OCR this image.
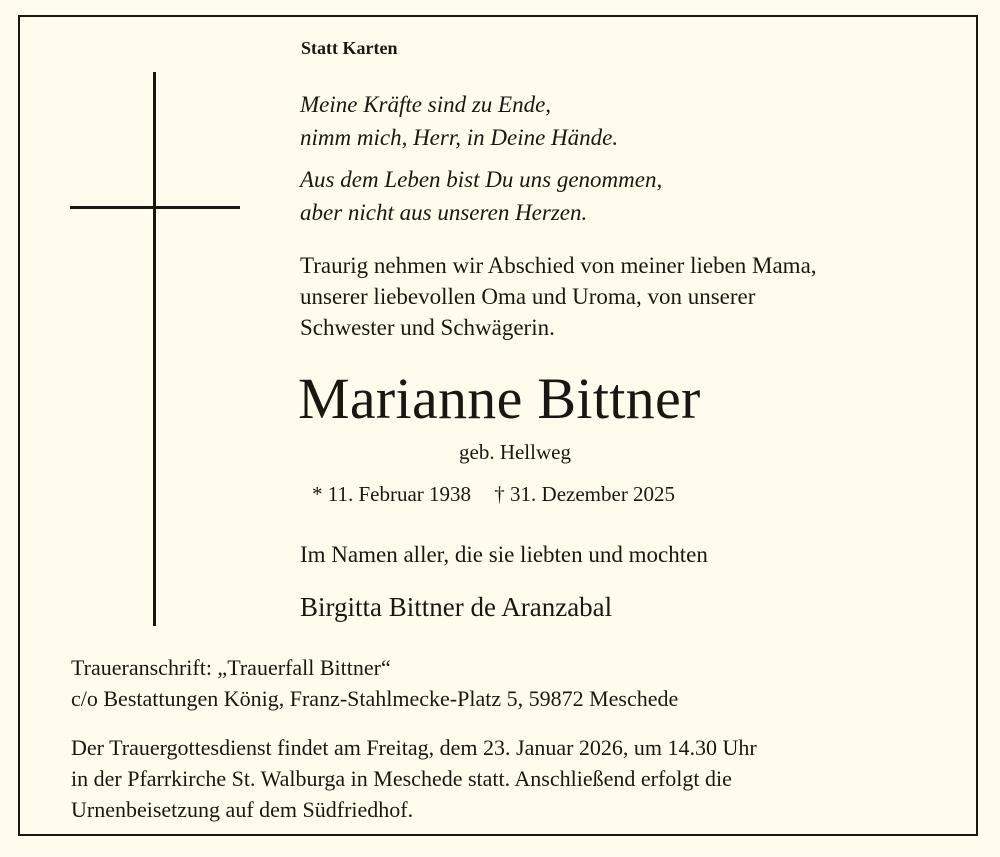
Statt Karten
Meine Kräfte sind zu Ende,
nimm mich, Herr, in Deine Hände.
Aus dem Leben bist Du uns genommen,
aber nicht aus unseren Herzen.
Traurig nehmen wir Abschied von meiner lieben Mama,
unserer liebevollen Oma und Uroma, von unserer
Schwester und Schwägerin.
Marianne Bittner
geb. Hellweg
* 11. Februar 1938 † 31. Dezember 2025
Im Namen aller, die sie liebten und mochten
Birgitta Bittner de Aranzabal
Traueranschrift: „Trauerfall Bittner“
c/o Bestattungen König, Franz-Stahlmecke-Platz 5, 59872 Meschede
Der Trauergottesdienst findet am Freitag, dem 23. Januar 2026, um 14.30 Uhr
in der Pfarrkirche St. Walburga in Meschede statt. Anschließend erfolgt die
Urnenbeisetzung auf dem Südfriedhof.
